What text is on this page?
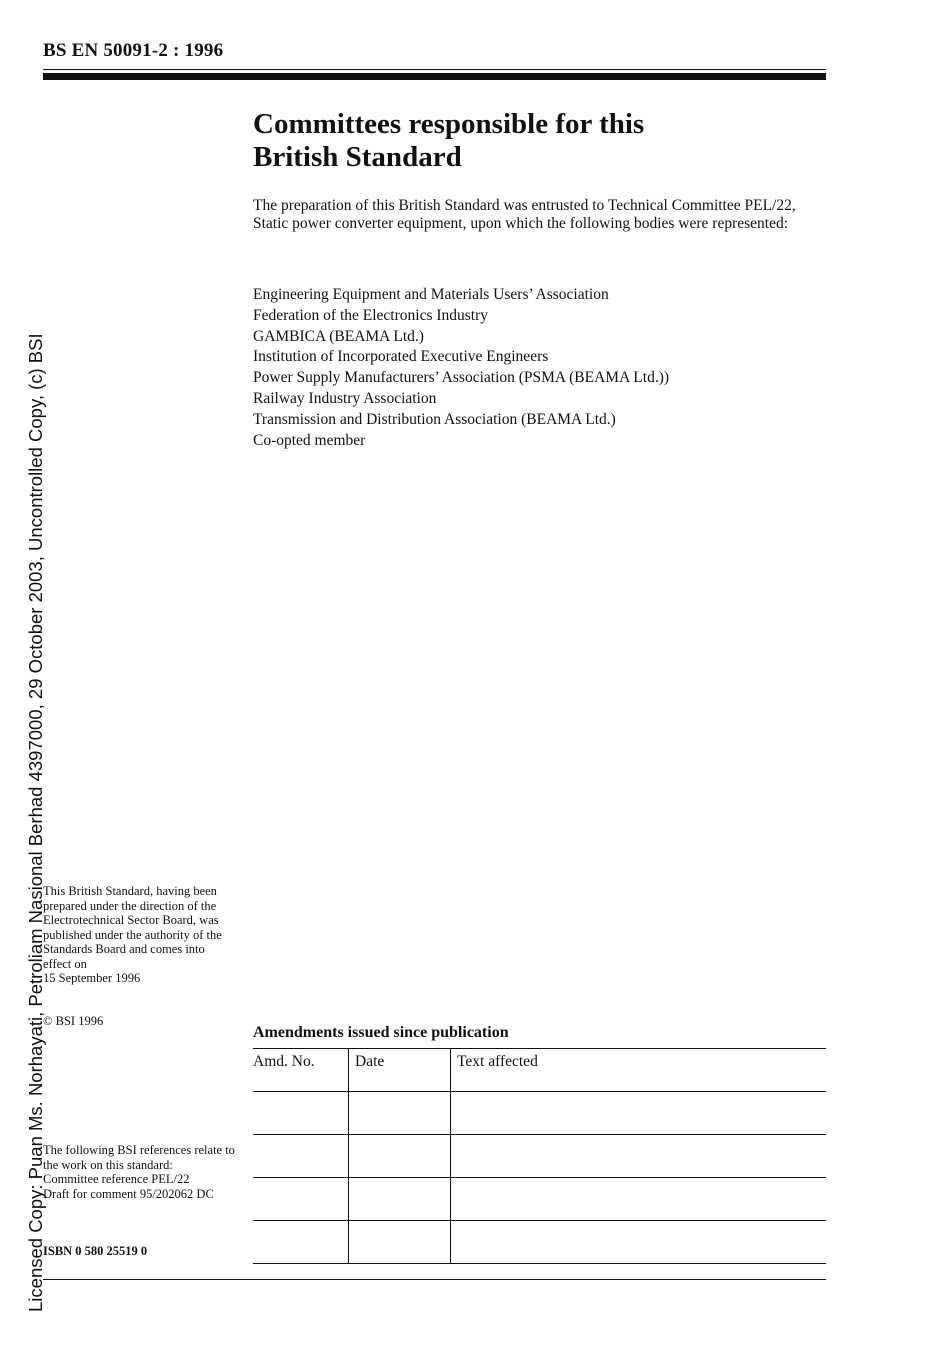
BS EN 50091-2 : 1996
Committees responsible for this
British Standard
The preparation of this British Standard was entrusted to Technical Committee PEL/22, Static power converter equipment, upon which the following bodies were represented:
Engineering Equipment and Materials Users’ Association
Federation of the Electronics Industry
GAMBICA (BEAMA Ltd.)
Institution of Incorporated Executive Engineers
Power Supply Manufacturers’ Association (PSMA (BEAMA Ltd.))
Railway Industry Association
Transmission and Distribution Association (BEAMA Ltd.)
Co-opted member
This British Standard, having been prepared under the direction of the Electrotechnical Sector Board, was published under the authority of the Standards Board and comes into effect on
15 September 1996
© BSI 1996
The following BSI references relate to the work on this standard:
Committee reference PEL/22
Draft for comment 95/202062 DC
ISBN 0 580 25519 0
Amendments issued since publication
Amd. No.	Date	Text affected

Licensed Copy: Puan Ms. Norhayati, Petroliam Nasional Berhad 4397000, 29 October 2003, Uncontrolled Copy, (c) BSI
